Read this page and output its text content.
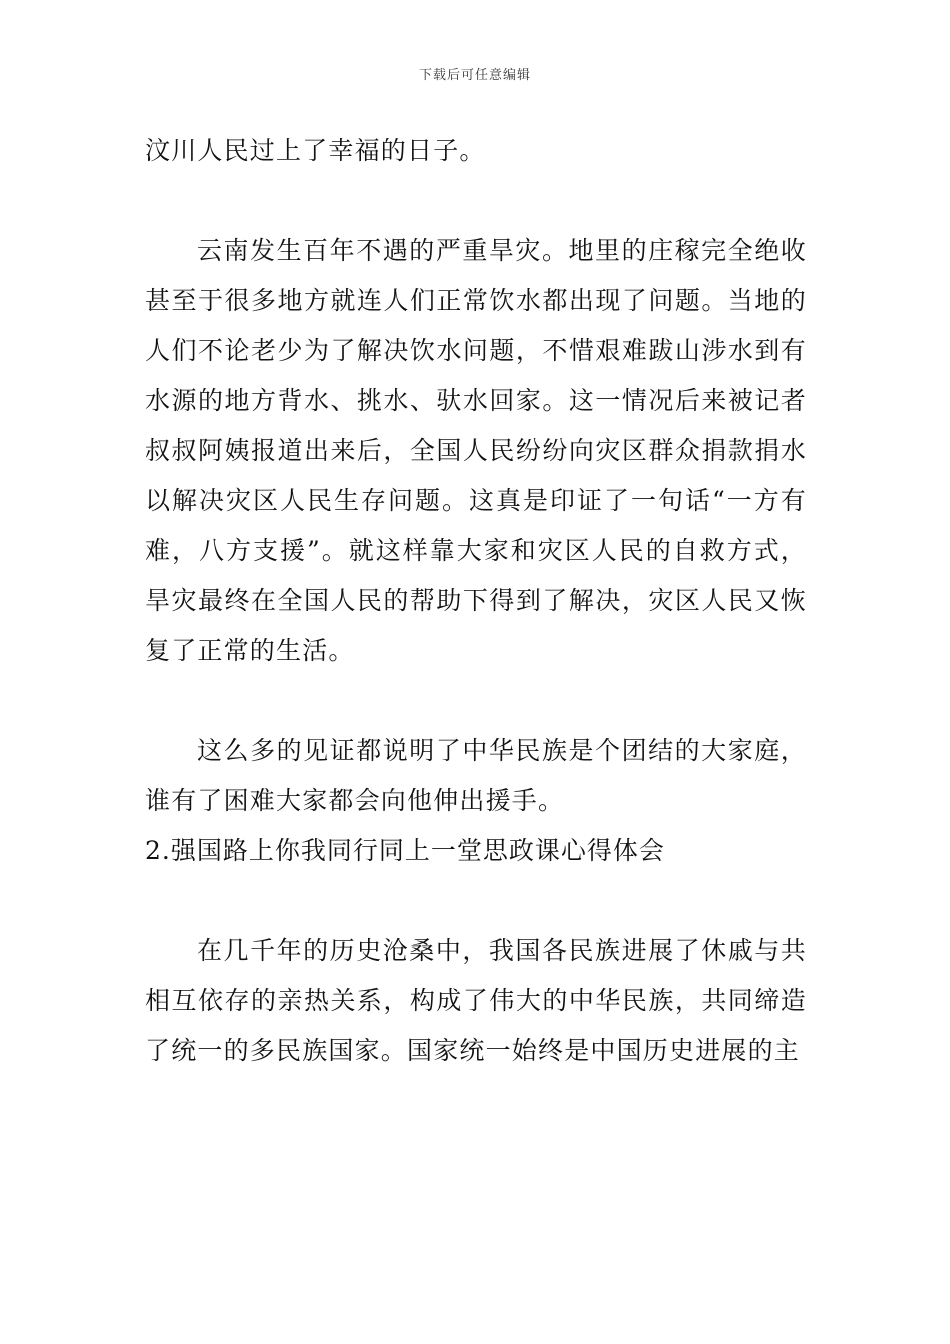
下载后可任意编辑

汶川人民过上了幸福的日子。

云南发生百年不遇的严重旱灾。地里的庄稼完全绝收甚至于很多地方就连人们正常饮水都出现了问题。当地的人们不论老少为了解决饮水问题，不惜艰难跋山涉水到有水源的地方背水、挑水、驮水回家。这一情况后来被记者叔叔阿姨报道出来后，全国人民纷纷向灾区群众捐款捐水以解决灾区人民生存问题。这真是印证了一句话“一方有难，八方支援”。就这样靠大家和灾区人民的自救方式，旱灾最终在全国人民的帮助下得到了解决，灾区人民又恢复了正常的生活。

这么多的见证都说明了中华民族是个团结的大家庭，谁有了困难大家都会向他伸出援手。

2.强国路上你我同行同上一堂思政课心得体会

在几千年的历史沧桑中，我国各民族进展了休戚与共相互依存的亲热关系，构成了伟大的中华民族，共同缔造了统一的多民族国家。国家统一始终是中国历史进展的主
